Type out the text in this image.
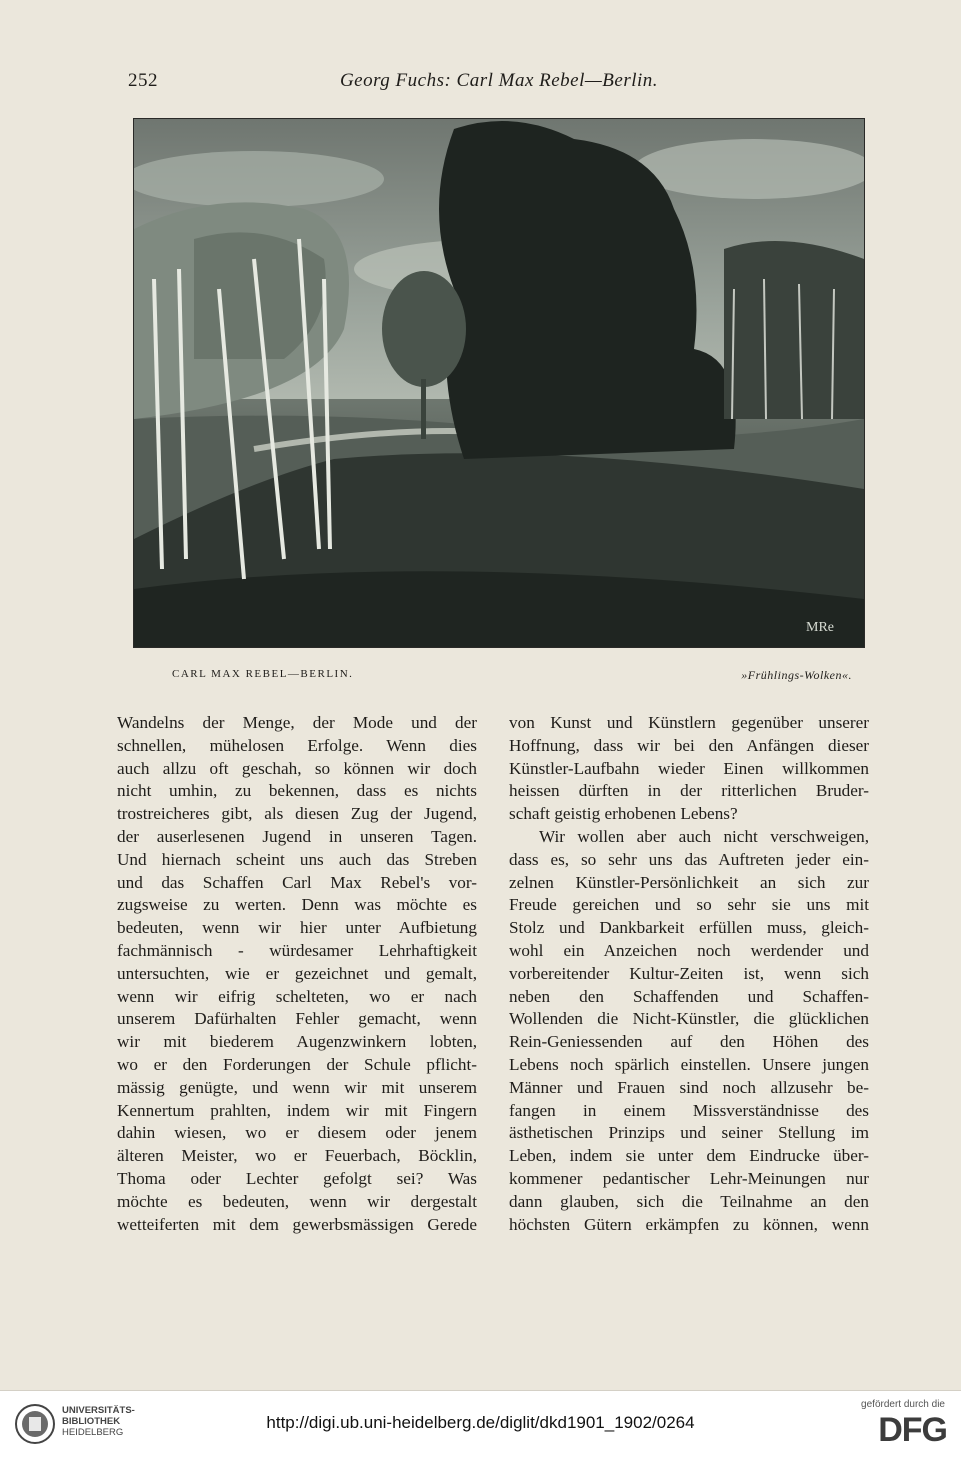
252	Georg Fuchs: Carl Max Rebel—Berlin.
MRe
CARL MAX REBEL—BERLIN.	»Frühlings-Wolken«.
Wandelns der Menge, der Mode und der
schnellen, mühelosen Erfolge. Wenn dies
auch allzu oft geschah, so können wir doch
nicht umhin, zu bekennen, dass es nichts
trostreicheres gibt, als diesen Zug der Jugend,
der auserlesenen Jugend in unseren Tagen.
Und hiernach scheint uns auch das Streben
und das Schaffen Carl Max Rebel's vor-
zugsweise zu werten. Denn was möchte es
bedeuten, wenn wir hier unter Aufbietung
fachmännisch - würdesamer Lehrhaftigkeit
untersuchten, wie er gezeichnet und gemalt,
wenn wir eifrig schelteten, wo er nach
unserem Dafürhalten Fehler gemacht, wenn
wir mit biederem Augenzwinkern lobten,
wo er den Forderungen der Schule pflicht-
mässig genügte, und wenn wir mit unserem
Kennertum prahlten, indem wir mit Fingern
dahin wiesen, wo er diesem oder jenem
älteren Meister, wo er Feuerbach, Böcklin,
Thoma oder Lechter gefolgt sei? Was
möchte es bedeuten, wenn wir dergestalt
wetteiferten mit dem gewerbsmässigen Gerede
von Kunst und Künstlern gegenüber unserer
Hoffnung, dass wir bei den Anfängen dieser
Künstler-Laufbahn wieder Einen willkommen
heissen dürften in der ritterlichen Bruder-
schaft geistig erhobenen Lebens?
Wir wollen aber auch nicht verschweigen,
dass es, so sehr uns das Auftreten jeder ein-
zelnen Künstler-Persönlichkeit an sich zur
Freude gereichen und so sehr sie uns mit
Stolz und Dankbarkeit erfüllen muss, gleich-
wohl ein Anzeichen noch werdender und
vorbereitender Kultur-Zeiten ist, wenn sich
neben den Schaffenden und Schaffen-
Wollenden die Nicht-Künstler, die glücklichen
Rein-Geniessenden auf den Höhen des
Lebens noch spärlich einstellen. Unsere jungen
Männer und Frauen sind noch allzusehr be-
fangen in einem Missverständnisse des
ästhetischen Prinzips und seiner Stellung im
Leben, indem sie unter dem Eindrucke über-
kommener pedantischer Lehr-Meinungen nur
dann glauben, sich die Teilnahme an den
höchsten Gütern erkämpfen zu können, wenn
UNIVERSITÄTS-
BIBLIOTHEK
HEIDELBERG
http://digi.ub.uni-heidelberg.de/diglit/dkd1901_1902/0264
gefördert durch die
DFG
